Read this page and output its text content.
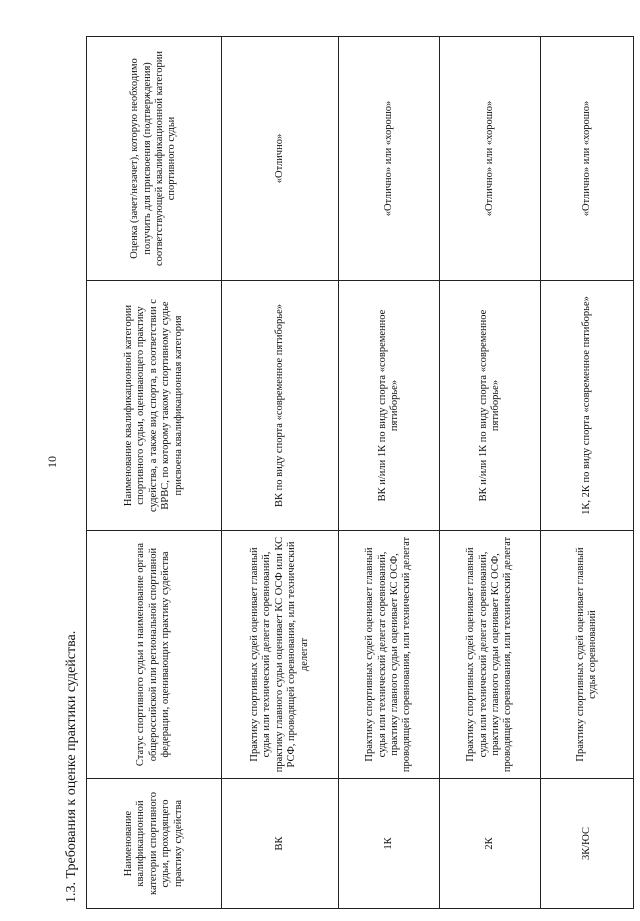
10
1.3. Требования к оценке практики судейства.	Наименование квалификационной категории спортивного судьи, проходящего практику судейства	Статус спортивного судьи и наименование органа общероссийской или региональной спортивной федерации, оценивающих практику судейства	Наименование квалификационной категории спортивного судьи, оценивающего практику судейства, а также вид спорта, в соответствии с ВРВС, по которому такому спортивному судье присвоена квалификационная категория	Оценка (зачет/незачет), которую необходимо получить для присвоения (подтверждения) соответствующей квалификационной категории спортивного судьи
ВК	Практику спортивных судей оценивает главный судья или технический делегат соревнований, практику главного судьи оценивает КС ОСФ или КС РСФ, проводящей соревнования, или технический делегат	ВК по виду спорта «современное пятиборье»	«Отлично»
1К	Практику спортивных судей оценивает главный судья или технический делегат соревнований, практику главного судьи оценивает КС ОСФ, проводящей соревнования, или технический делегат	ВК и/или 1К по виду спорта «современное пятиборье»	«Отлично» или «хорошо»
2К	Практику спортивных судей оценивает главный судья или технический делегат соревнований, практику главного судьи оценивает КС ОСФ, проводящей соревнования, или технический делегат	ВК и/или 1К по виду спорта «современное пятиборье»	«Отлично» или «хорошо»
3К/ЮС	Практику спортивных судей оценивает главный судья соревнований	1К, 2К по виду спорта «современное пятиборье»	«Отлично» или «хорошо»
